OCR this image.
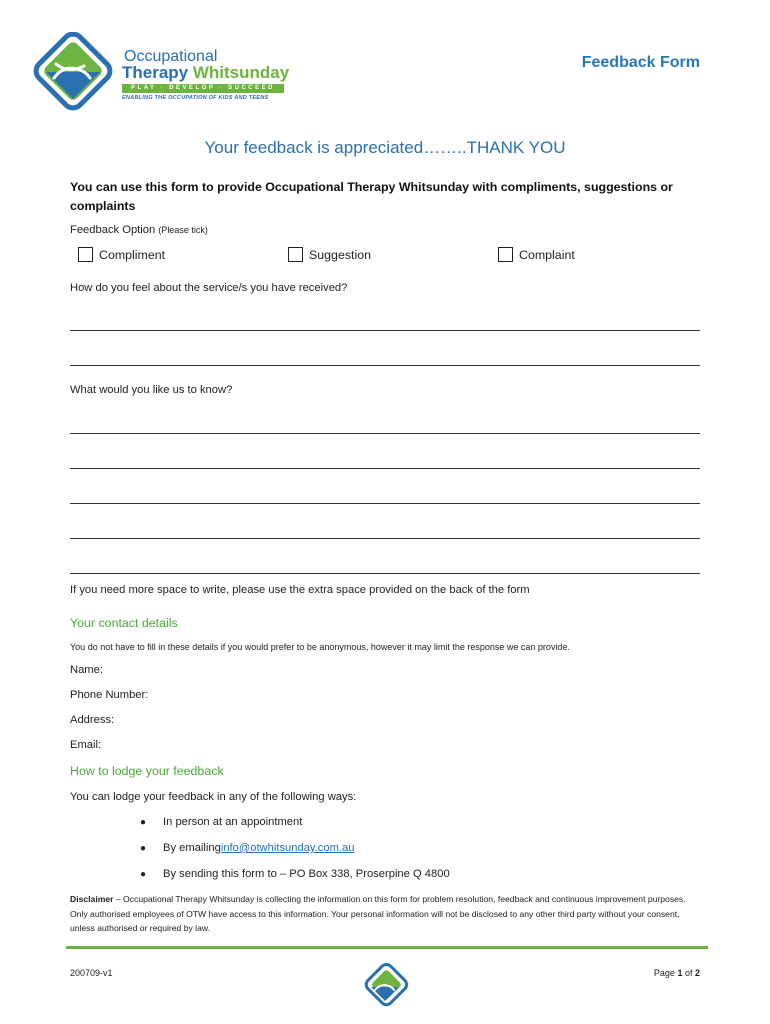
Occupational
Therapy Whitsunday
PLAY · DEVELOP · SUCCEED
ENABLING THE OCCUPATION OF KIDS AND TEENS
Feedback Form
Your feedback is appreciated……..THANK YOU
You can use this form to provide Occupational Therapy Whitsunday with compliments, suggestions or complaints
Feedback Option (Please tick)
Compliment	Suggestion	Complaint
How do you feel about the service/s you have received?
What would you like us to know?
If you need more space to write, please use the extra space provided on the back of the form
Your contact details
You do not have to fill in these details if you would prefer to be anonymous, however it may limit the response we can provide.
Name:
Phone Number:
Address:
Email:
How to lodge your feedback
You can lodge your feedback in any of the following ways:
●	In person at an appointment
●	By emailing info@otwhitsunday.com.au
●	By sending this form to – PO Box 338, Proserpine Q 4800
Disclaimer – Occupational Therapy Whitsunday is collecting the information on this form for problem resolution, feedback and continuous improvement purposes. Only authorised employees of OTW have access to this information. Your personal information will not be disclosed to any other third party without your consent, unless authorised or required by law.
200709-v1	Page 1 of 2
